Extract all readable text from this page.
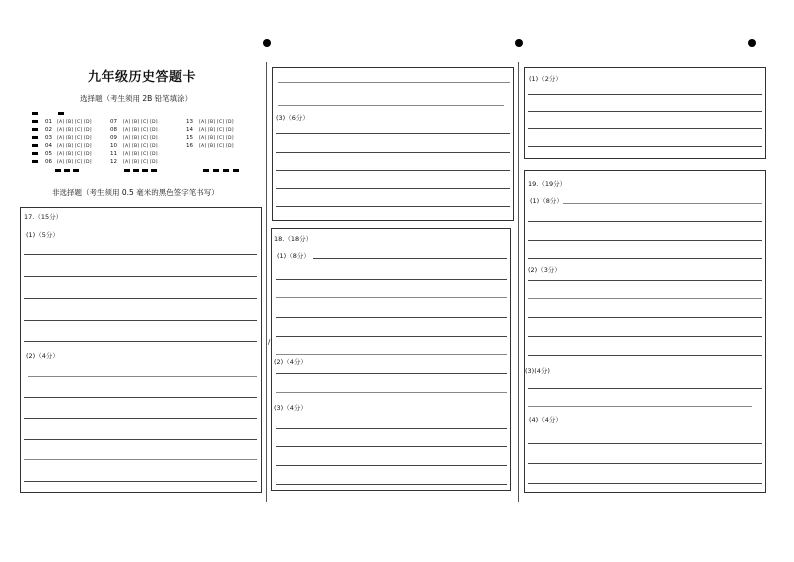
九年级历史答题卡
选择题（考生须用 2B 铅笔填涂）
01 [A] [B] [C] [D]
02 [A] [B] [C] [D]
03 [A] [B] [C] [D]
04 [A] [B] [C] [D]
05 [A] [B] [C] [D]
06 [A] [B] [C] [D]
07 [A] [B] [C] [D]
08 [A] [B] [C] [D]
09 [A] [B] [C] [D]
10 [A] [B] [C] [D]
11 [A] [B] [C] [D]
12 [A] [B] [C] [D]
13 [A] [B] [C] [D]
14 [A] [B] [C] [D]
15 [A] [B] [C] [D]
16 [A] [B] [C] [D]
非选择题（考生须用 0.5 毫米的黑色签字笔书写）
17.（15分）
(1)（5分）
(2)（4分）
(3)（6分）
18.（18分）
(1)（8分）
(2)（4分）
(3)（4分）
/
(1)（2分）
19.（19分）
(1)（8分）
(2)（3分）
(3)(4分)
(4)（4分）
